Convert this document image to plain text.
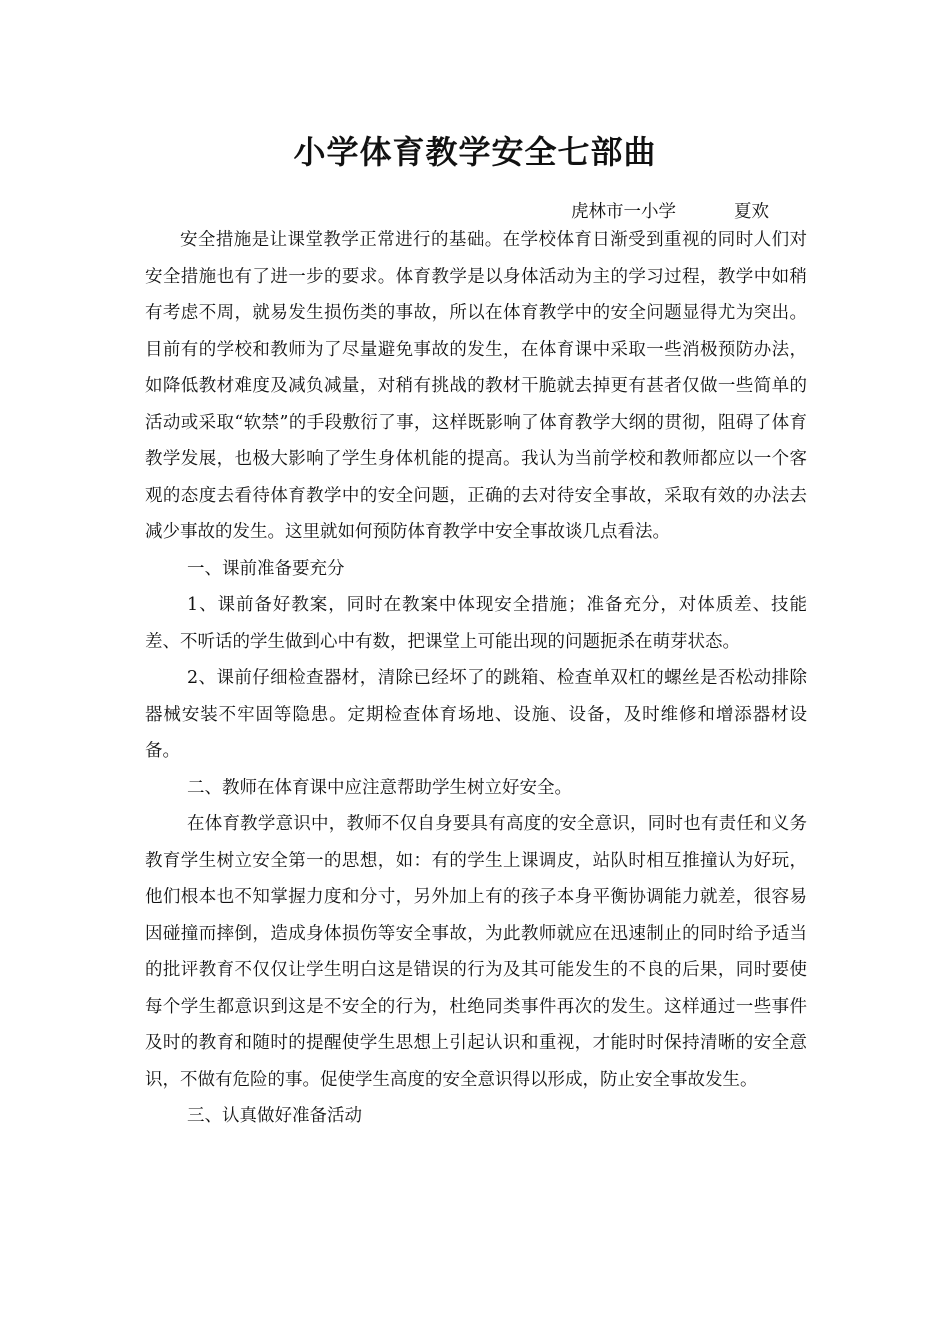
小学体育教学安全七部曲
虎林市一小学	夏欢

安全措施是让课堂教学正常进行的基础。在学校体育日渐受到重视的同时人们对安全措施也有了进一步的要求。体育教学是以身体活动为主的学习过程，教学中如稍有考虑不周，就易发生损伤类的事故，所以在体育教学中的安全问题显得尤为突出。目前有的学校和教师为了尽量避免事故的发生，在体育课中采取一些消极预防办法，如降低教材难度及减负减量，对稍有挑战的教材干脆就去掉更有甚者仅做一些简单的活动或采取“软禁”的手段敷衍了事，这样既影响了体育教学大纲的贯彻，阻碍了体育教学发展，也极大影响了学生身体机能的提高。我认为当前学校和教师都应以一个客观的态度去看待体育教学中的安全问题，正确的去对待安全事故，采取有效的办法去减少事故的发生。这里就如何预防体育教学中安全事故谈几点看法。

一、课前准备要充分

1、课前备好教案，同时在教案中体现安全措施；准备充分，对体质差、技能差、不听话的学生做到心中有数，把课堂上可能出现的问题扼杀在萌芽状态。

2、课前仔细检查器材，清除已经坏了的跳箱、检查单双杠的螺丝是否松动排除器械安装不牢固等隐患。定期检查体育场地、设施、设备，及时维修和增添器材设备。

二、教师在体育课中应注意帮助学生树立好安全。

在体育教学意识中，教师不仅自身要具有高度的安全意识，同时也有责任和义务教育学生树立安全第一的思想，如：有的学生上课调皮，站队时相互推撞认为好玩，他们根本也不知掌握力度和分寸，另外加上有的孩子本身平衡协调能力就差，很容易因碰撞而摔倒，造成身体损伤等安全事故，为此教师就应在迅速制止的同时给予适当的批评教育不仅仅让学生明白这是错误的行为及其可能发生的不良的后果，同时要使每个学生都意识到这是不安全的行为，杜绝同类事件再次的发生。这样通过一些事件及时的教育和随时的提醒使学生思想上引起认识和重视，才能时时保持清晰的安全意识，不做有危险的事。促使学生高度的安全意识得以形成，防止安全事故发生。

三、认真做好准备活动
